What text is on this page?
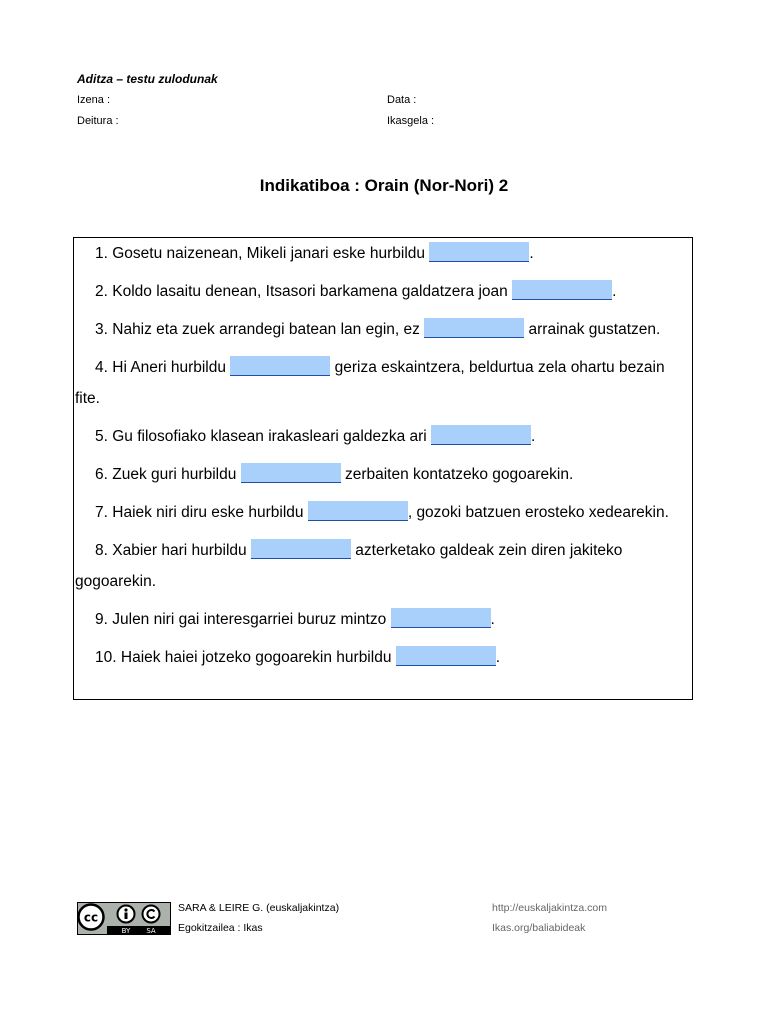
Aditza – testu zulodunak
Izena :
Deitura :
Data :
Ikasgela :
Indikatiboa : Orain (Nor-Nori) 2

1. Gosetu naizenean, Mikeli janari eske hurbildu	.

2. Koldo lasaitu denean, Itsasori barkamena galdatzera joan	.

3. Nahiz eta zuek arrandegi batean lan egin, ez	arrainak gustatzen.

4. Hi Aneri hurbildu	geriza eskaintzera, beldurtua zela ohartu bezain fite.

5. Gu filosofiako klasean irakasleari galdezka ari	.

6. Zuek guri hurbildu	zerbaiten kontatzeko gogoarekin.

7. Haiek niri diru eske hurbildu	, gozoki batzuen erosteko xedearekin.

8. Xabier hari hurbildu	azterketako galdeak zein diren jakiteko gogoarekin.

9. Julen niri gai interesgarriei buruz mintzo	.

10. Haiek haiei jotzeko gogoarekin hurbildu	.

cc
BY SA
SARA & LEIRE G. (euskaljakintza)
Egokitzailea : Ikas
http://euskaljakintza.com
Ikas.org/baliabideak
